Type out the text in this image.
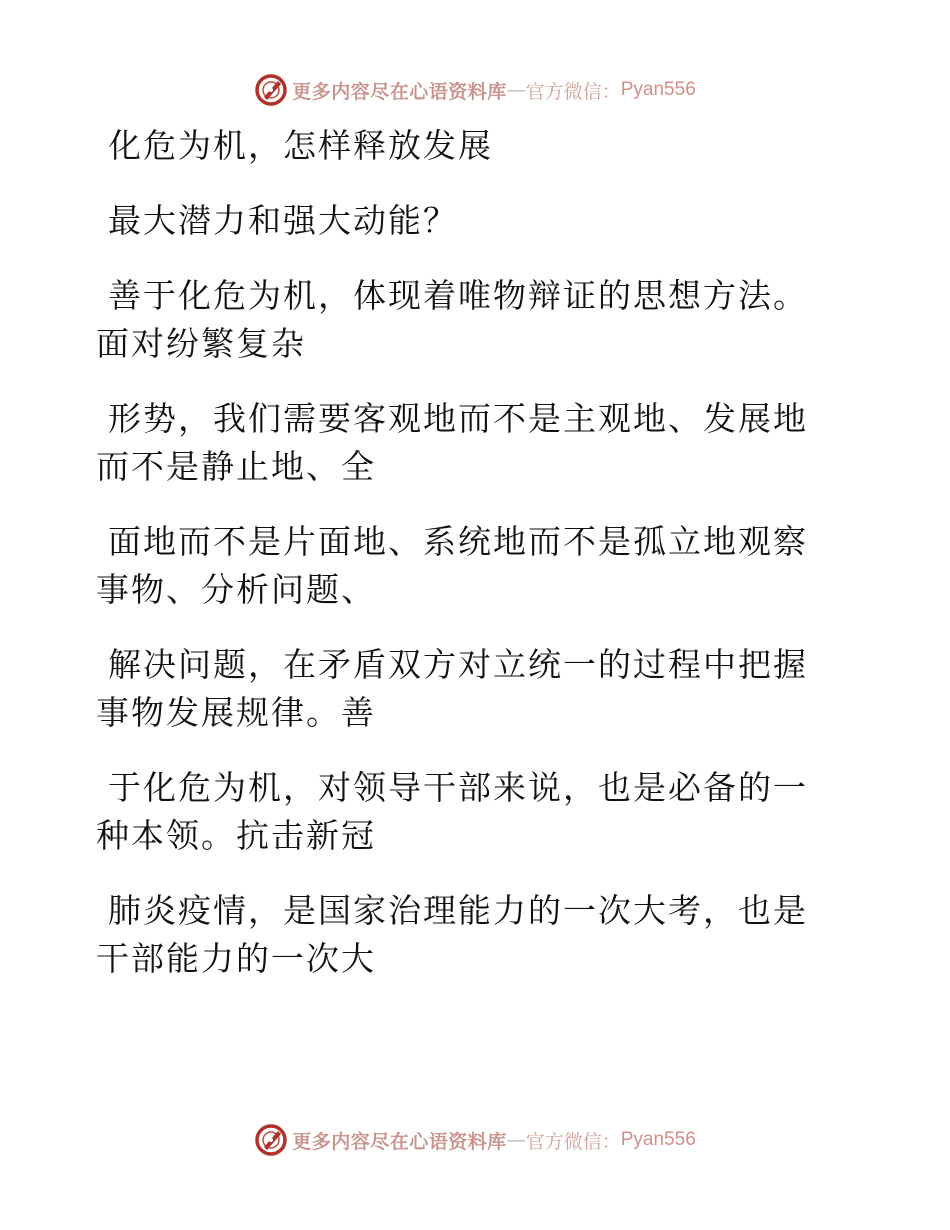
更多内容尽在心语资料库 — 官方微信： Pyan556

化危为机，怎样释放发展

最大潜力和强大动能？

善于化危为机，体现着唯物辩证的思想方法。面对纷繁复杂

形势，我们需要客观地而不是主观地、发展地而不是静止地、全

面地而不是片面地、系统地而不是孤立地观察事物、分析问题、

解决问题，在矛盾双方对立统一的过程中把握事物发展规律。善

于化危为机，对领导干部来说，也是必备的一种本领。抗击新冠

肺炎疫情，是国家治理能力的一次大考，也是干部能力的一次大

更多内容尽在心语资料库 — 官方微信： Pyan556
